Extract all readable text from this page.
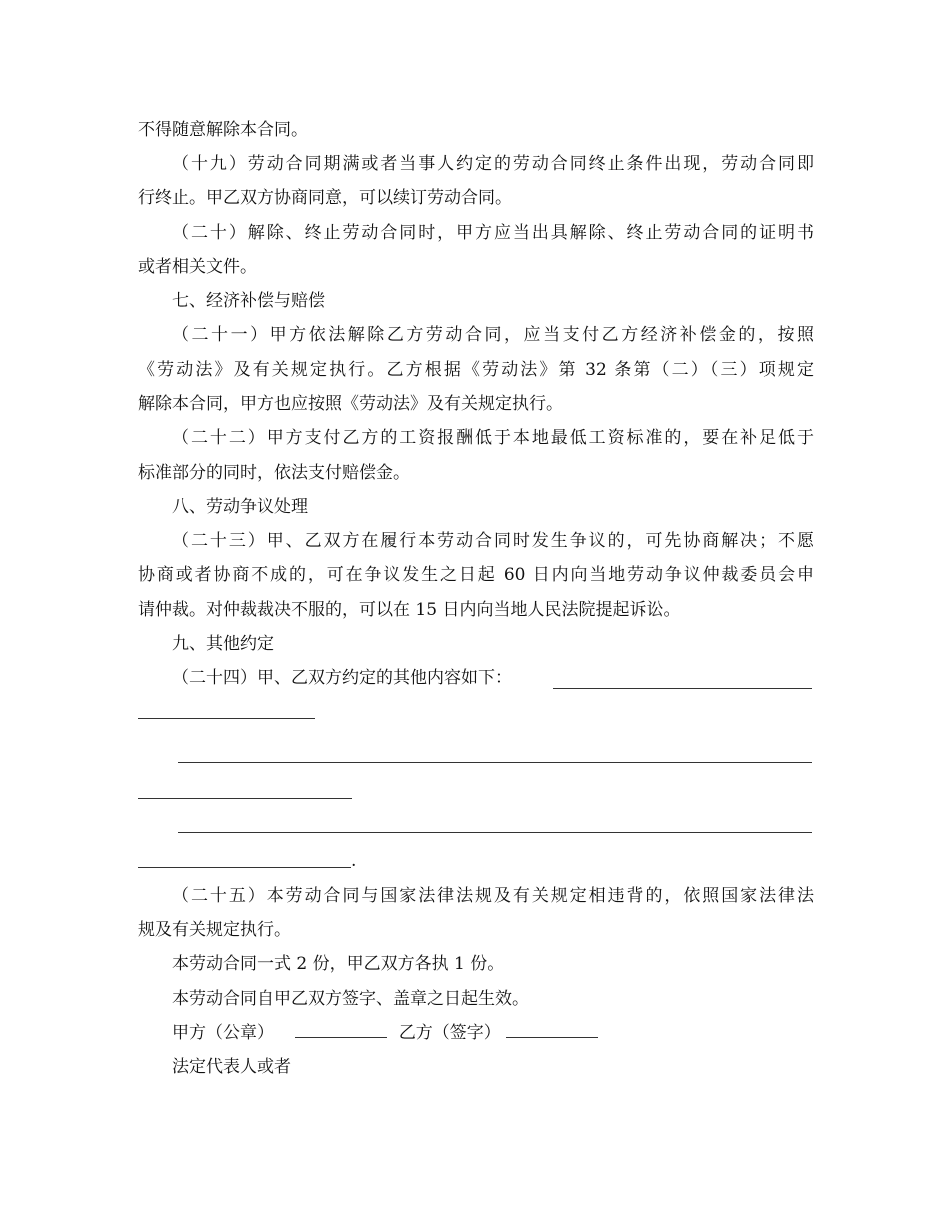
不得随意解除本合同。
（十九）劳动合同期满或者当事人约定的劳动合同终止条件出现，劳动合同即
行终止。甲乙双方协商同意，可以续订劳动合同。
（二十）解除、终止劳动合同时，甲方应当出具解除、终止劳动合同的证明书
或者相关文件。
七、经济补偿与赔偿
（二十一）甲方依法解除乙方劳动合同，应当支付乙方经济补偿金的，按照
《劳动法》及有关规定执行。乙方根据《劳动法》第 32 条第（二）（三）项规定
解除本合同，甲方也应按照《劳动法》及有关规定执行。
（二十二）甲方支付乙方的工资报酬低于本地最低工资标准的，要在补足低于
标准部分的同时，依法支付赔偿金。
八、劳动争议处理
（二十三）甲、乙双方在履行本劳动合同时发生争议的，可先协商解决；不愿
协商或者协商不成的，可在争议发生之日起 60 日内向当地劳动争议仲裁委员会申
请仲裁。对仲裁裁决不服的，可以在 15 日内向当地人民法院提起诉讼。
九、其他约定
（二十四）甲、乙双方约定的其他内容如下：
.
（二十五）本劳动合同与国家法律法规及有关规定相违背的，依照国家法律法
规及有关规定执行。
本劳动合同一式 2 份，甲乙双方各执 1 份。
本劳动合同自甲乙双方签字、盖章之日起生效。
甲方（公章）	乙方（签字）
法定代表人或者
